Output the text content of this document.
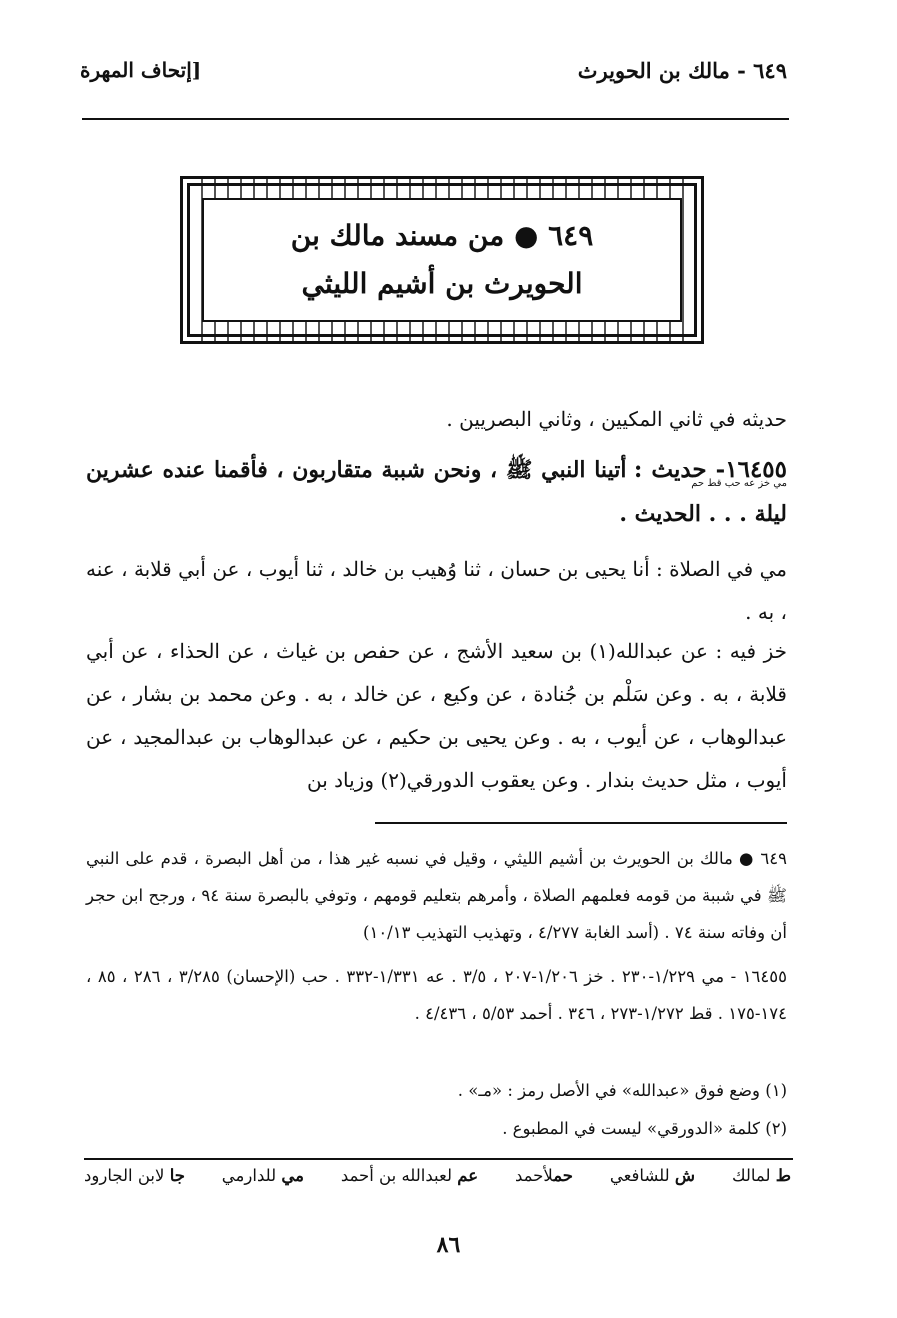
٦٤٩ - مالك بن الحويرث
[إتحاف المهرة
٦٤٩ ● من مسند مالك بن
الحويرث بن أشيم الليثي
حديثه في ثاني المكيين ، وثاني البصريين .
١٦٤٥٥- حديث : أتينا النبي ﷺ ، ونحن شببة متقاربون ، فأقمنا عنده عشرين ليلة . . . الحديث .
مي خز عه حب قط حم
مي في الصلاة : أنا يحيى بن حسان ، ثنا وُهيب بن خالد ، ثنا أيوب ، عن أبي قلابة ، عنه ، به .
خز فيه : عن عبدالله(١) بن سعيد الأشج ، عن حفص بن غياث ، عن الحذاء ، عن أبي قلابة ، به . وعن سَلْم بن جُنادة ، عن وكيع ، عن خالد ، به . وعن محمد بن بشار ، عن عبدالوهاب ، عن أيوب ، به . وعن يحيى بن حكيم ، عن عبدالوهاب بن عبدالمجيد ، عن أيوب ، مثل حديث بندار . وعن يعقوب الدورقي(٢) وزياد بن
٦٤٩ ● مالك بن الحويرث بن أشيم الليثي ، وقيل في نسبه غير هذا ، من أهل البصرة ، قدم على النبي ﷺ في شببة من قومه فعلمهم الصلاة ، وأمرهم بتعليم قومهم ، وتوفي بالبصرة سنة ٩٤ ، ورجح ابن حجر أن وفاته سنة ٧٤ . (أسد الغابة ٤/٢٧٧ ، وتهذيب التهذيب ١٠/١٣)
١٦٤٥٥ - مي ١/٢٢٩-٢٣٠ . خز ١/٢٠٦-٢٠٧ ، ٣/٥ . عه ١/٣٣١-٣٣٢ . حب (الإحسان) ٣/٢٨٥ ، ٢٨٦ ، ٨٥ ، ١٧٤-١٧٥ . قط ١/٢٧٢-٢٧٣ ، ٣٤٦ . أحمد ٥/٥٣ ، ٤/٤٣٦ .
(١) وضع فوق «عبدالله» في الأصل رمز : «مـ» .
(٢) كلمة «الدورقي» ليست في المطبوع .
ط لمالك
ش للشافعي
حملأحمد
عم لعبدالله بن أحمد
مي للدارمي
جا لابن الجارود
٨٦
